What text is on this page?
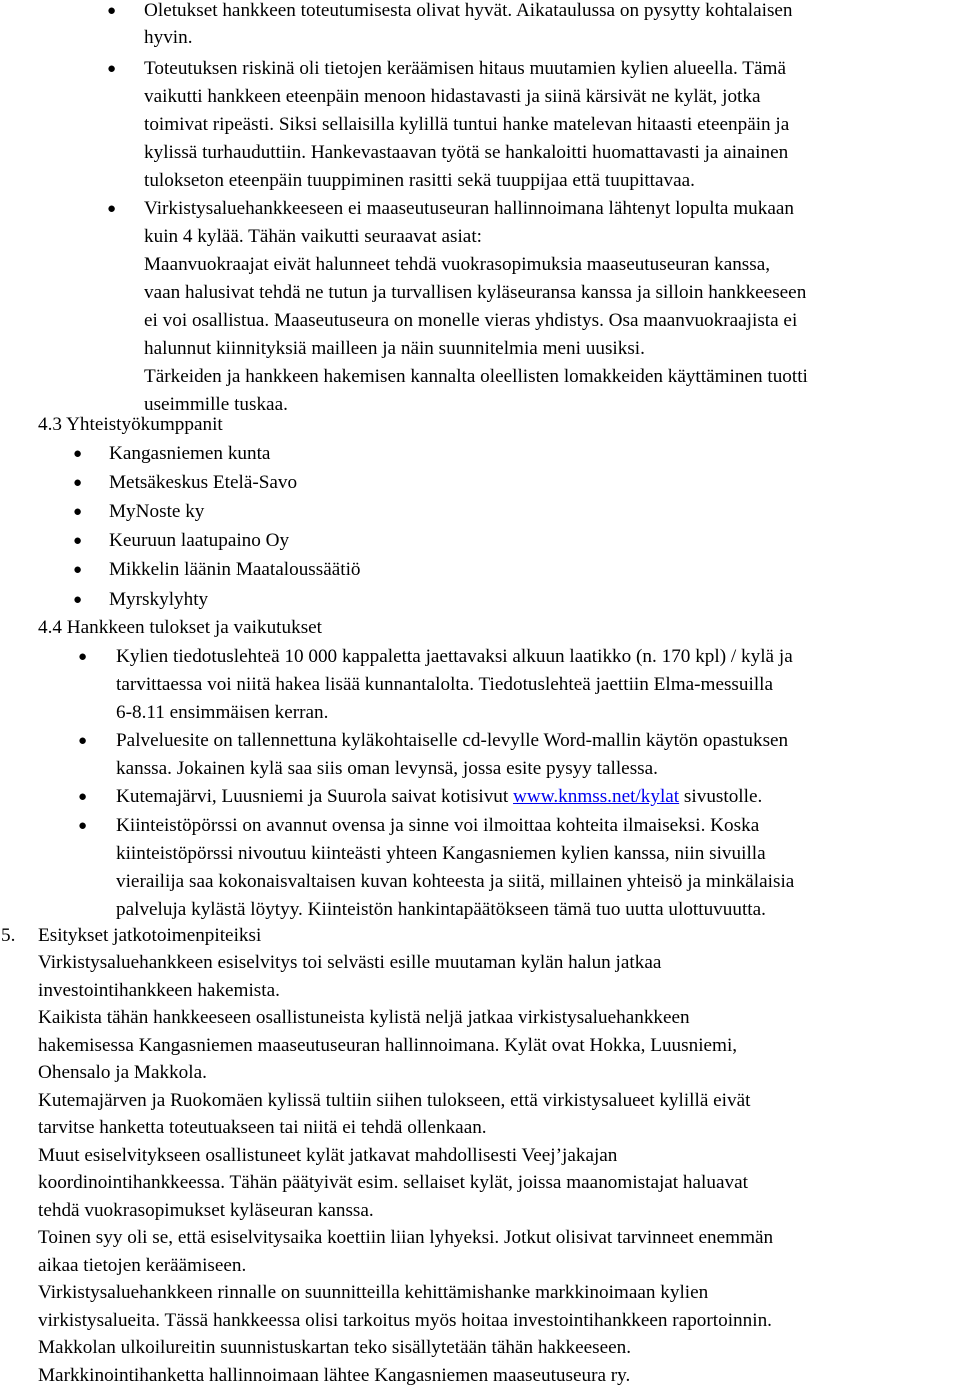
● Oletukset hankkeen toteutumisesta olivat hyvät. Aikataulussa on pysytty kohtalaisen
hyvin.
● Toteutuksen riskinä oli tietojen keräämisen hitaus muutamien kylien alueella. Tämä
vaikutti hankkeen eteenpäin menoon hidastavasti ja siinä kärsivät ne kylät, jotka
toimivat ripeästi. Siksi sellaisilla kylillä tuntui hanke matelevan hitaasti eteenpäin ja
kylissä turhauduttiin. Hankevastaavan työtä se hankaloitti huomattavasti ja ainainen
tulokseton eteenpäin tuuppiminen rasitti sekä tuuppijaa että tuupittavaa.
● Virkistysaluehankkeeseen ei maaseutuseuran hallinnoimana lähtenyt lopulta mukaan
kuin 4 kylää. Tähän vaikutti seuraavat asiat:
Maanvuokraajat eivät halunneet tehdä vuokrasopimuksia maaseutuseuran kanssa,
vaan halusivat tehdä ne tutun ja turvallisen kyläseuransa kanssa ja silloin hankkeeseen
ei voi osallistua. Maaseutuseura on monelle vieras yhdistys. Osa maanvuokraajista ei
halunnut kiinnityksiä mailleen ja näin suunnitelmia meni uusiksi.
Tärkeiden ja hankkeen hakemisen kannalta oleellisten lomakkeiden käyttäminen tuotti
useimmille tuskaa.
4.3 Yhteistyökumppanit
● Kangasniemen kunta
● Metsäkeskus Etelä-Savo
● MyNoste ky
● Keuruun laatupaino Oy
● Mikkelin läänin Maataloussäätiö
● Myrskylyhty
4.4 Hankkeen tulokset ja vaikutukset
● Kylien tiedotuslehteä 10 000 kappaletta jaettavaksi alkuun laatikko (n. 170 kpl) / kylä ja
tarvittaessa voi niitä hakea lisää kunnantalolta. Tiedotuslehteä jaettiin Elma-messuilla
6-8.11 ensimmäisen kerran.
● Palveluesite on tallennettuna kyläkohtaiselle cd-levylle Word-mallin käytön opastuksen
kanssa. Jokainen kylä saa siis oman levynsä, jossa esite pysyy tallessa.
● Kutemajärvi, Luusniemi ja Suurola saivat kotisivut www.knmss.net/kylat sivustolle.
● Kiinteistöpörssi on avannut ovensa ja sinne voi ilmoittaa kohteita ilmaiseksi. Koska
kiinteistöpörssi nivoutuu kiinteästi yhteen Kangasniemen kylien kanssa, niin sivuilla
vierailija saa kokonaisvaltaisen kuvan kohteesta ja siitä, millainen yhteisö ja minkälaisia
palveluja kylästä löytyy. Kiinteistön hankintapäätökseen tämä tuo uutta ulottuvuutta.
5. Esitykset jatkotoimenpiteiksi
Virkistysaluehankkeen esiselvitys toi selvästi esille muutaman kylän halun jatkaa
investointihankkeen hakemista.
Kaikista tähän hankkeeseen osallistuneista kylistä neljä jatkaa virkistysaluehankkeen
hakemisessa Kangasniemen maaseutuseuran hallinnoimana. Kylät ovat Hokka, Luusniemi,
Ohensalo ja Makkola.
Kutemajärven ja Ruokomäen kylissä tultiin siihen tulokseen, että virkistysalueet kylillä eivät
tarvitse hanketta toteutuakseen tai niitä ei tehdä ollenkaan.
Muut esiselvitykseen osallistuneet kylät jatkavat mahdollisesti Veej’jakajan
koordinointihankkeessa. Tähän päätyivät esim. sellaiset kylät, joissa maanomistajat haluavat
tehdä vuokrasopimukset kyläseuran kanssa.
Toinen syy oli se, että esiselvitysaika koettiin liian lyhyeksi. Jotkut olisivat tarvinneet enemmän
aikaa tietojen keräämiseen.
Virkistysaluehankkeen rinnalle on suunnitteilla kehittämishanke markkinoimaan kylien
virkistysalueita. Tässä hankkeessa olisi tarkoitus myös hoitaa investointihankkeen raportoinnin.
Makkolan ulkoilureitin suunnistuskartan teko sisällytetään tähän hakkeeseen.
Markkinointihanketta hallinnoimaan lähtee Kangasniemen maaseutuseura ry.
